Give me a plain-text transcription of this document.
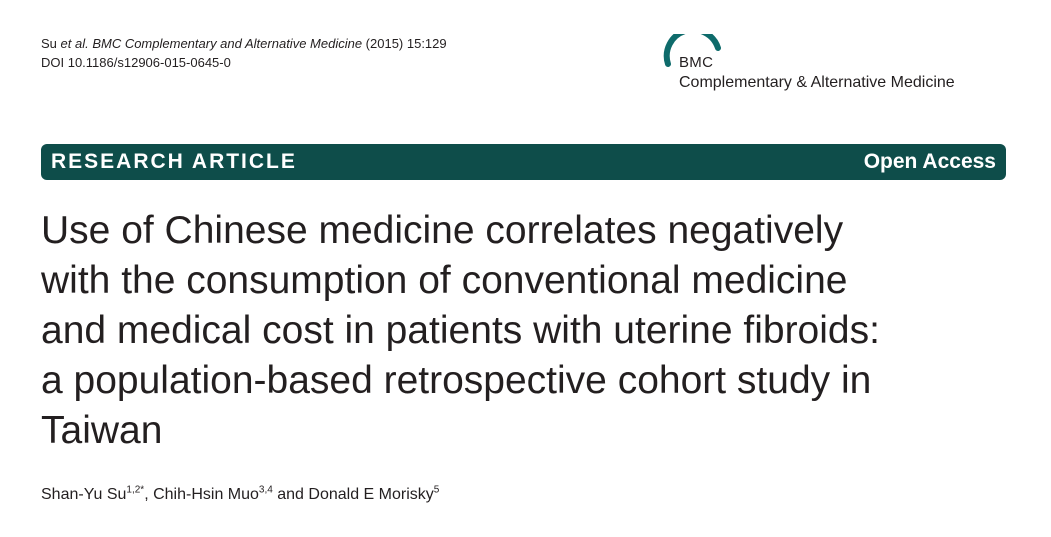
Su et al. BMC Complementary and Alternative Medicine (2015) 15:129
DOI 10.1186/s12906-015-0645-0	BMC
Complementary & Alternative Medicine
RESEARCH ARTICLE	Open Access
Use of Chinese medicine correlates negatively
with the consumption of conventional medicine
and medical cost in patients with uterine fibroids:
a population-based retrospective cohort study in
Taiwan
Shan-Yu $Su^{1,2*}$, Chih-Hsin Muo$^{3,4}$ and Donald E Morisky$^5$
